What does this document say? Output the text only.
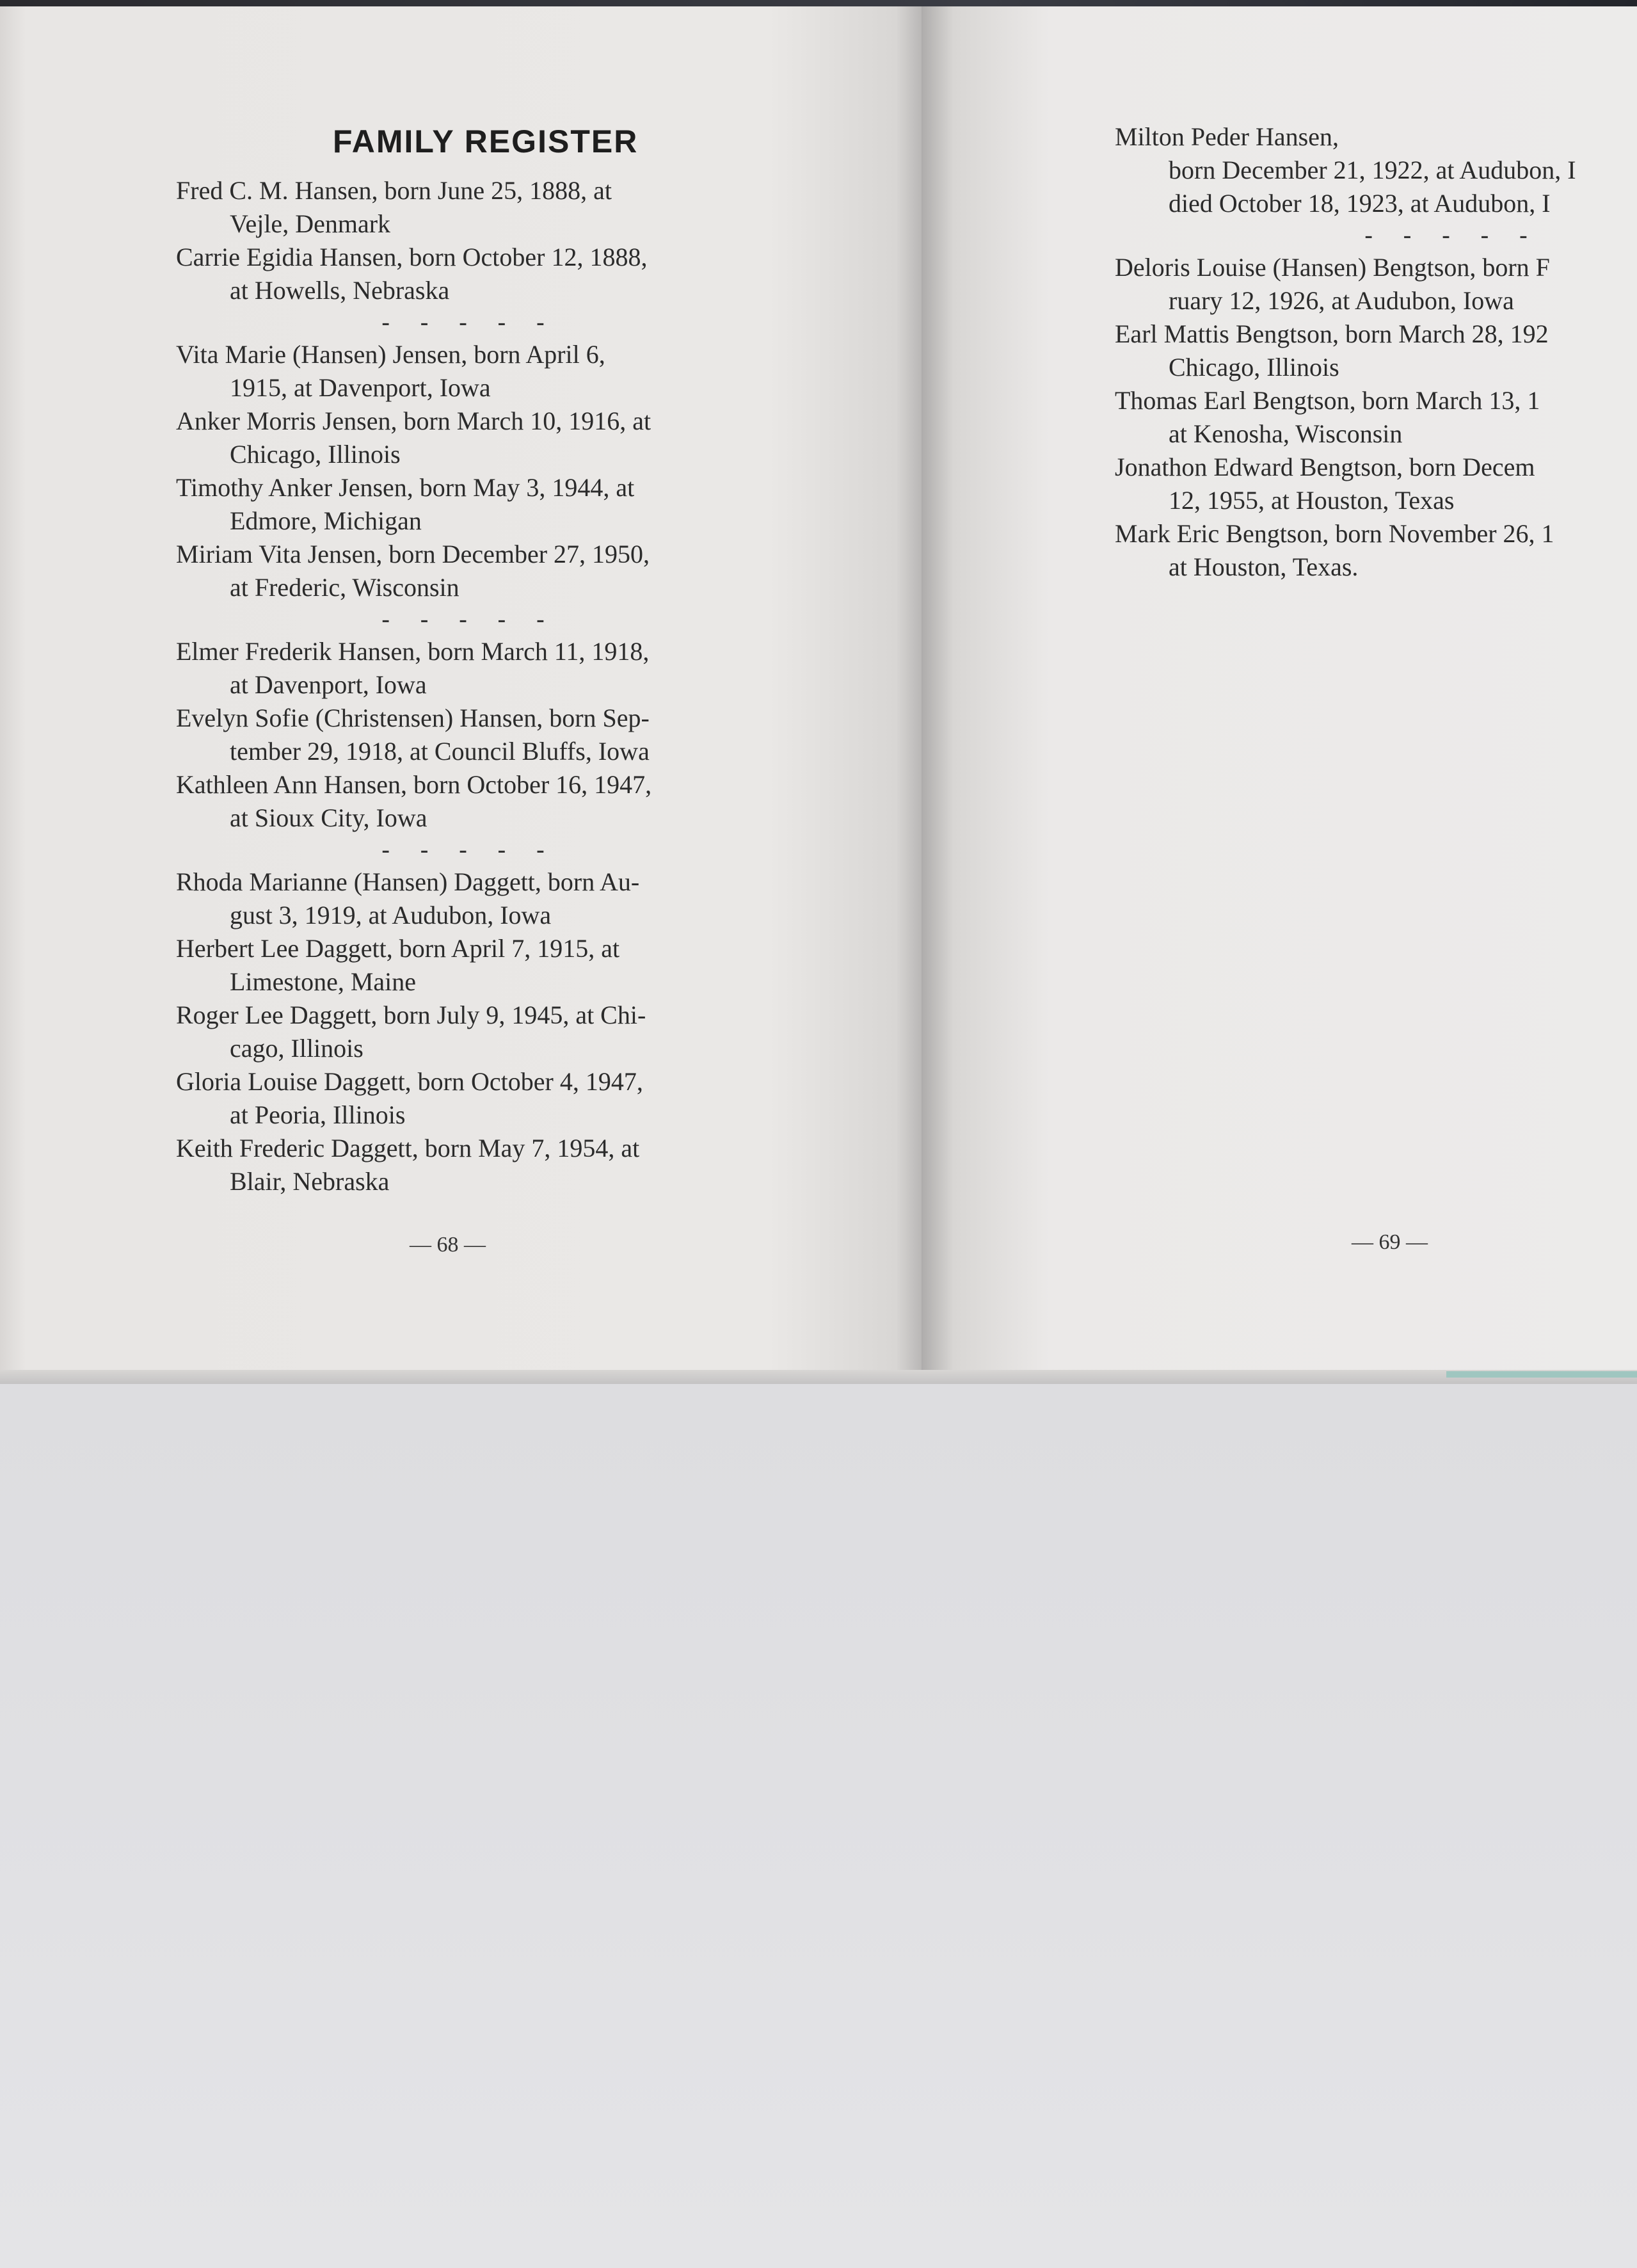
FAMILY REGISTER
Fred C. M. Hansen, born June 25, 1888, at
Vejle, Denmark
Carrie Egidia Hansen, born October 12, 1888,
at Howells, Nebraska
- - - - -
Vita Marie (Hansen) Jensen, born April 6,
1915, at Davenport, Iowa
Anker Morris Jensen, born March 10, 1916, at
Chicago, Illinois
Timothy Anker Jensen, born May 3, 1944, at
Edmore, Michigan
Miriam Vita Jensen, born December 27, 1950,
at Frederic, Wisconsin
- - - - -
Elmer Frederik Hansen, born March 11, 1918,
at Davenport, Iowa
Evelyn Sofie (Christensen) Hansen, born Sep-
tember 29, 1918, at Council Bluffs, Iowa
Kathleen Ann Hansen, born October 16, 1947,
at Sioux City, Iowa
- - - - -
Rhoda Marianne (Hansen) Daggett, born Au-
gust 3, 1919, at Audubon, Iowa
Herbert Lee Daggett, born April 7, 1915, at
Limestone, Maine
Roger Lee Daggett, born July 9, 1945, at Chi-
cago, Illinois
Gloria Louise Daggett, born October 4, 1947,
at Peoria, Illinois
Keith Frederic Daggett, born May 7, 1954, at
Blair, Nebraska
— 68 —
Milton Peder Hansen,
born December 21, 1922, at Audubon, I
died October 18, 1923, at Audubon, I
- - - - -
Deloris Louise (Hansen) Bengtson, born F
ruary 12, 1926, at Audubon, Iowa
Earl Mattis Bengtson, born March 28, 192
Chicago, Illinois
Thomas Earl Bengtson, born March 13, 1
at Kenosha, Wisconsin
Jonathon Edward Bengtson, born Decem
12, 1955, at Houston, Texas
Mark Eric Bengtson, born November 26, 1
at Houston, Texas.
— 69 —
